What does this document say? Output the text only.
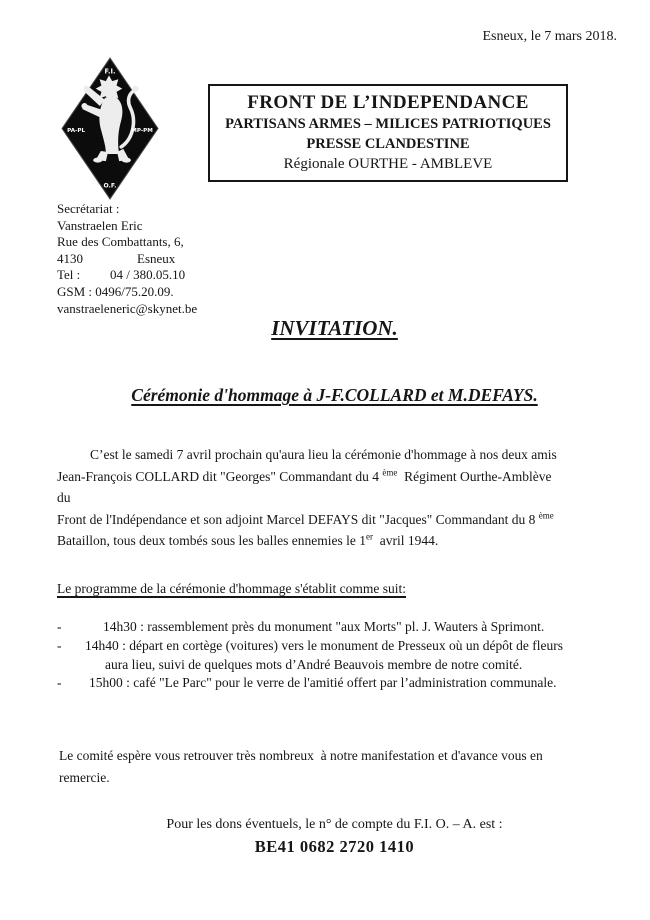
Esneux, le 7 mars 2018.
F.I.
PA-PL	MP-PM
O.F.
FRONT DE L’INDEPENDANCE
PARTISANS ARMES – MILICES PATRIOTIQUES
PRESSE CLANDESTINE
Régionale OURTHE - AMBLEVE
Secrétariat :
Vanstraelen Eric
Rue des Combattants, 6,
4130	Esneux
Tel : 04 / 380.05.10
GSM : 0496/75.20.09.
vanstraeleneric@skynet.be
INVITATION.
Cérémonie d'hommage à J-F.COLLARD et M.DEFAYS.
C’est le samedi 7 avril prochain qu'aura lieu la cérémonie d'hommage à nos deux amis
Jean-François COLLARD dit "Georges" Commandant du 4 $^{ème}$  Régiment Ourthe-Amblève
du
Front de l'Indépendance et son adjoint Marcel DEFAYS dit "Jacques" Commandant du 8 $^{ème}$
Bataillon, tous deux tombés sous les balles ennemies le 1er  avril 1944.
Le programme de la cérémonie d'hommage s'établit comme suit:
-	14h30 : rassemblement près du monument "aux Morts" pl. J. Wauters à Sprimont.
- 14h40 : départ en cortège (voitures) vers le monument de Presseux où un dépôt de fleurs
aura lieu, suivi de quelques mots d’André Beauvois membre de notre comité.
- 15h00 : café "Le Parc" pour le verre de l'amitié offert par l’administration communale.
Le comité espère vous retrouver très nombreux  à notre manifestation et d'avance vous en
remercie.
Pour les dons éventuels, le n° de compte du F.I. O. – A. est :
BE41 0682 2720 1410
